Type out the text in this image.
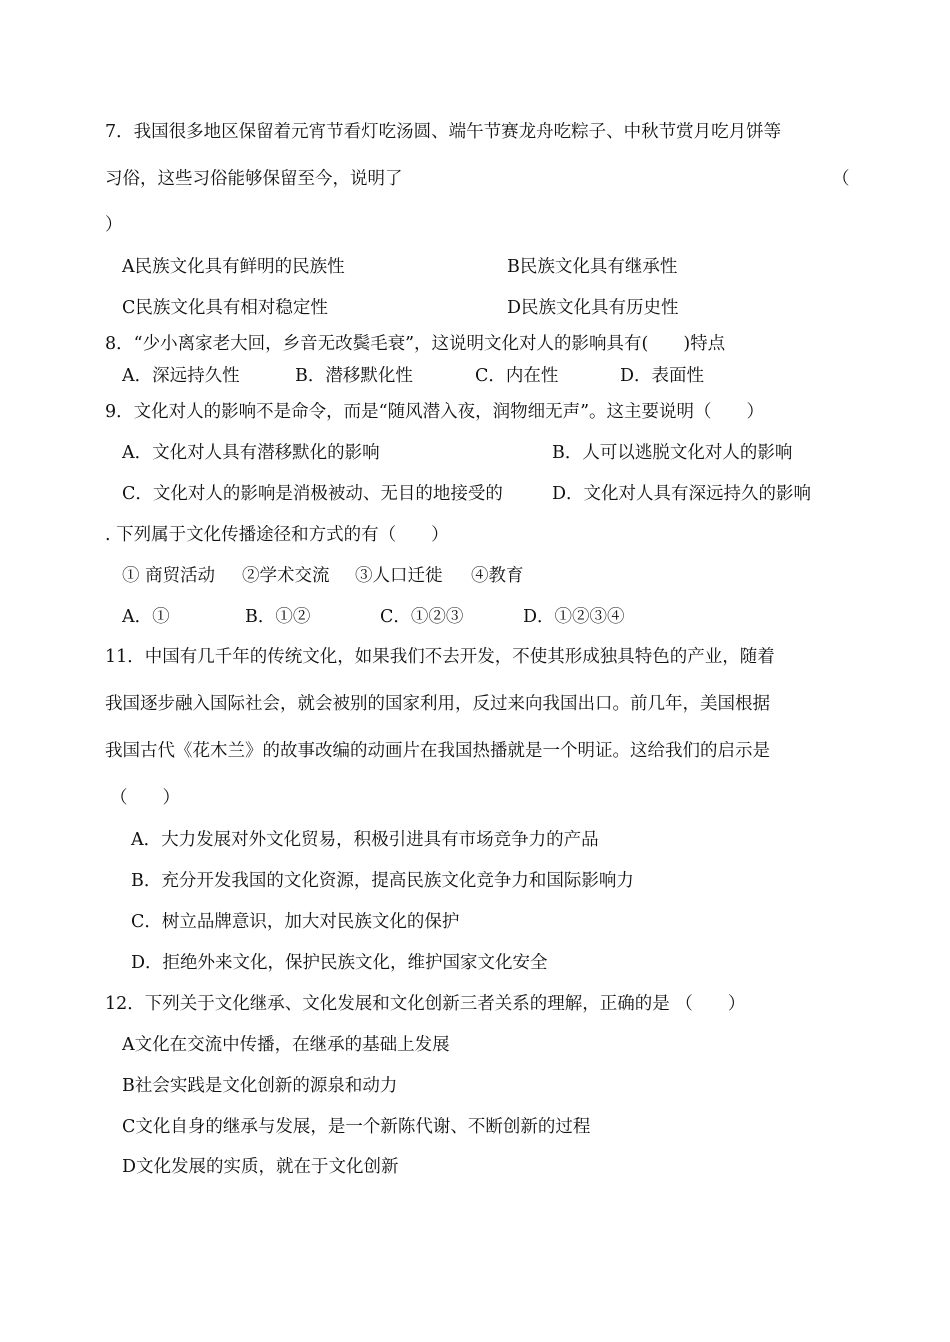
7．我国很多地区保留着元宵节看灯吃汤圆、端午节赛龙舟吃粽子、中秋节赏月吃月饼等
习俗，这些习俗能够保留至今，说明了	（
）
A民族文化具有鲜明的民族性	B民族文化具有继承性
C民族文化具有相对稳定性	D民族文化具有历史性
8．“少小离家老大回，乡音无改鬓毛衰”，这说明文化对人的影响具有(　　)特点
A．深远持久性	B．潜移默化性	C．内在性	D．表面性
9．文化对人的影响不是命令，而是“随风潜入夜，润物细无声”。这主要说明（　　）
A．文化对人具有潜移默化的影响	B．人可以逃脱文化对人的影响
C．文化对人的影响是消极被动、无目的地接受的	D．文化对人具有深远持久的影响
. 下列属于文化传播途径和方式的有（　　）
① 商贸活动 ②学术交流 ③人口迁徙 ④教育
A．①	B．①②	C．①②③	D．①②③④
11．中国有几千年的传统文化，如果我们不去开发，不使其形成独具特色的产业，随着
我国逐步融入国际社会，就会被别的国家利用，反过来向我国出口。前几年，美国根据
我国古代《花木兰》的故事改编的动画片在我国热播就是一个明证。这给我们的启示是
（　　）
A．大力发展对外文化贸易，积极引进具有市场竞争力的产品
B．充分开发我国的文化资源，提高民族文化竞争力和国际影响力
C．树立品牌意识，加大对民族文化的保护
D．拒绝外来文化，保护民族文化，维护国家文化安全
12．下列关于文化继承、文化发展和文化创新三者关系的理解，正确的是 （　　）
A文化在交流中传播，在继承的基础上发展
B社会实践是文化创新的源泉和动力
C文化自身的继承与发展，是一个新陈代谢、不断创新的过程
D文化发展的实质，就在于文化创新
